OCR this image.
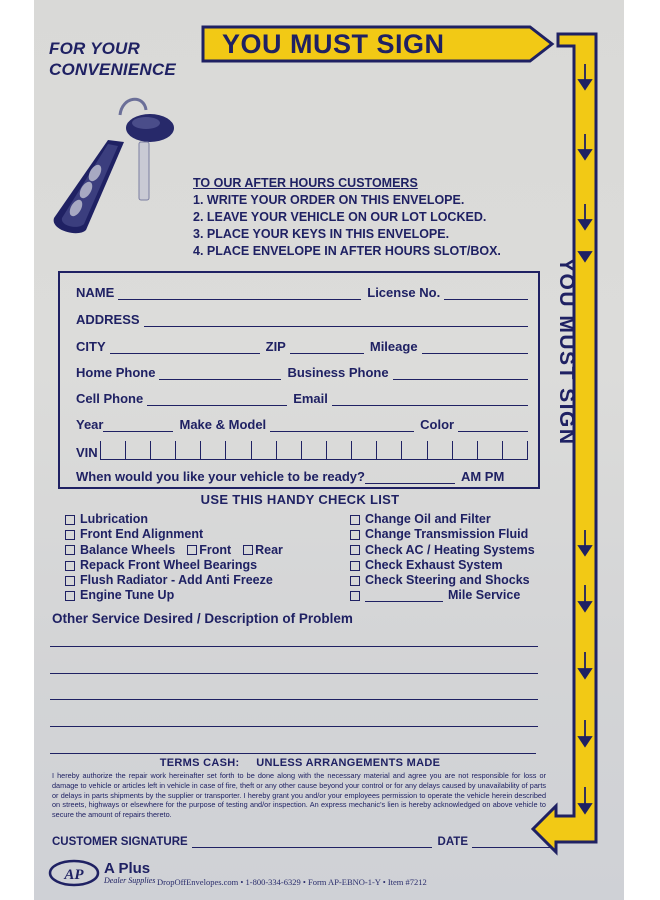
FOR YOUR
CONVENIENCE
YOU MUST SIGN
YOU MUST SIGN
TO OUR AFTER HOURS CUSTOMERS
1. WRITE YOUR ORDER ON THIS ENVELOPE.
2. LEAVE YOUR VEHICLE ON OUR LOT LOCKED.
3. PLACE YOUR KEYS IN THIS ENVELOPE.
4. PLACE ENVELOPE IN AFTER HOURS SLOT/BOX.
NAME	License No.
ADDRESS
CITY	ZIP	Mileage
Home Phone	Business Phone
Cell Phone	Email
Year	Make & Model	Color
VIN
When would you like your vehicle to be ready?	AM PM
USE THIS HANDY CHECK LIST
Lubrication
Front End Alignment
Balance Wheels Front Rear
Repack Front Wheel Bearings
Flush Radiator - Add Anti Freeze
Engine Tune Up
Change Oil and Filter
Change Transmission Fluid
Check AC / Heating Systems
Check Exhaust System
Check Steering and Shocks
Mile Service
Other Service Desired / Description of Problem
TERMS CASH:     UNLESS ARRANGEMENTS MADE
I hereby authorize the repair work hereinafter set forth to be done along with the necessary material and agree you are not responsible for loss or damage to vehicle or articles left in vehicle in case of fire, theft or any other cause beyond your control or for any delays caused by unavailability of parts or delays in parts shipments by the supplier or transporter. I hereby grant you and/or your employees permission to operate the vehicle herein described on streets, highways or elsewhere for the purpose of testing and/or inspection. An express mechanic's lien is hereby acknowledged on above vehicle to secure the amount of repairs thereto.
CUSTOMER SIGNATURE	DATE
AP A Plus
Dealer Supplies DropOffEnvelopes.com • 1-800-334-6329 • Form AP-EBNO-1-Y • Item #7212
